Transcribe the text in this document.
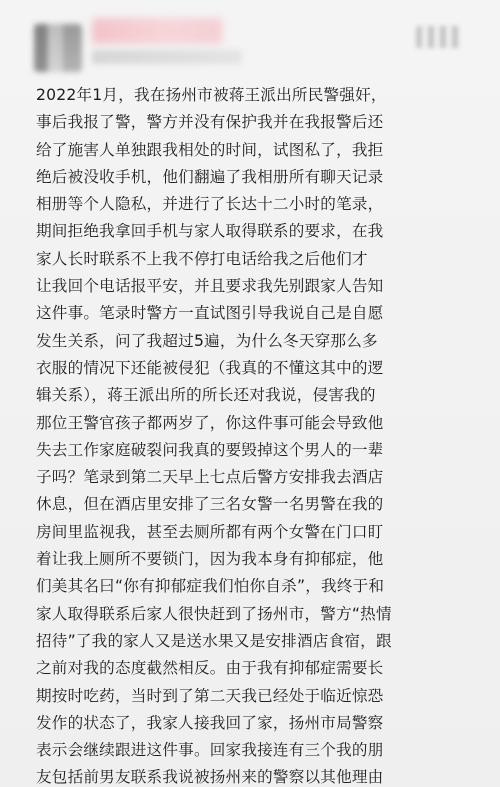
2022年1月，我在扬州市被蒋王派出所民警强奸，
事后我报了警，警方并没有保护我并在我报警后还
给了施害人单独跟我相处的时间，试图私了，我拒
绝后被没收手机，他们翻遍了我相册所有聊天记录
相册等个人隐私，并进行了长达十二小时的笔录，
期间拒绝我拿回手机与家人取得联系的要求，在我
家人长时联系不上我不停打电话给我之后他们才
让我回个电话报平安，并且要求我先别跟家人告知
这件事。笔录时警方一直试图引导我说自己是自愿
发生关系，问了我超过5遍，为什么冬天穿那么多
衣服的情况下还能被侵犯（我真的不懂这其中的逻
辑关系），蒋王派出所的所长还对我说，侵害我的
那位王警官孩子都两岁了，你这件事可能会导致他
失去工作家庭破裂问我真的要毁掉这个男人的一辈
子吗？笔录到第二天早上七点后警方安排我去酒店
休息，但在酒店里安排了三名女警一名男警在我的
房间里监视我，甚至去厕所都有两个女警在门口盯
着让我上厕所不要锁门，因为我本身有抑郁症，他
们美其名曰“你有抑郁症我们怕你自杀”，我终于和
家人取得联系后家人很快赶到了扬州市，警方“热情
招待”了我的家人又是送水果又是安排酒店食宿，跟
之前对我的态度截然相反。由于我有抑郁症需要长
期按时吃药，当时到了第二天我已经处于临近惊恐
发作的状态了，我家人接我回了家，扬州市局警察
表示会继续跟进这件事。回家我接连有三个我的朋
友包括前男友联系我说被扬州来的警察以其他理由
